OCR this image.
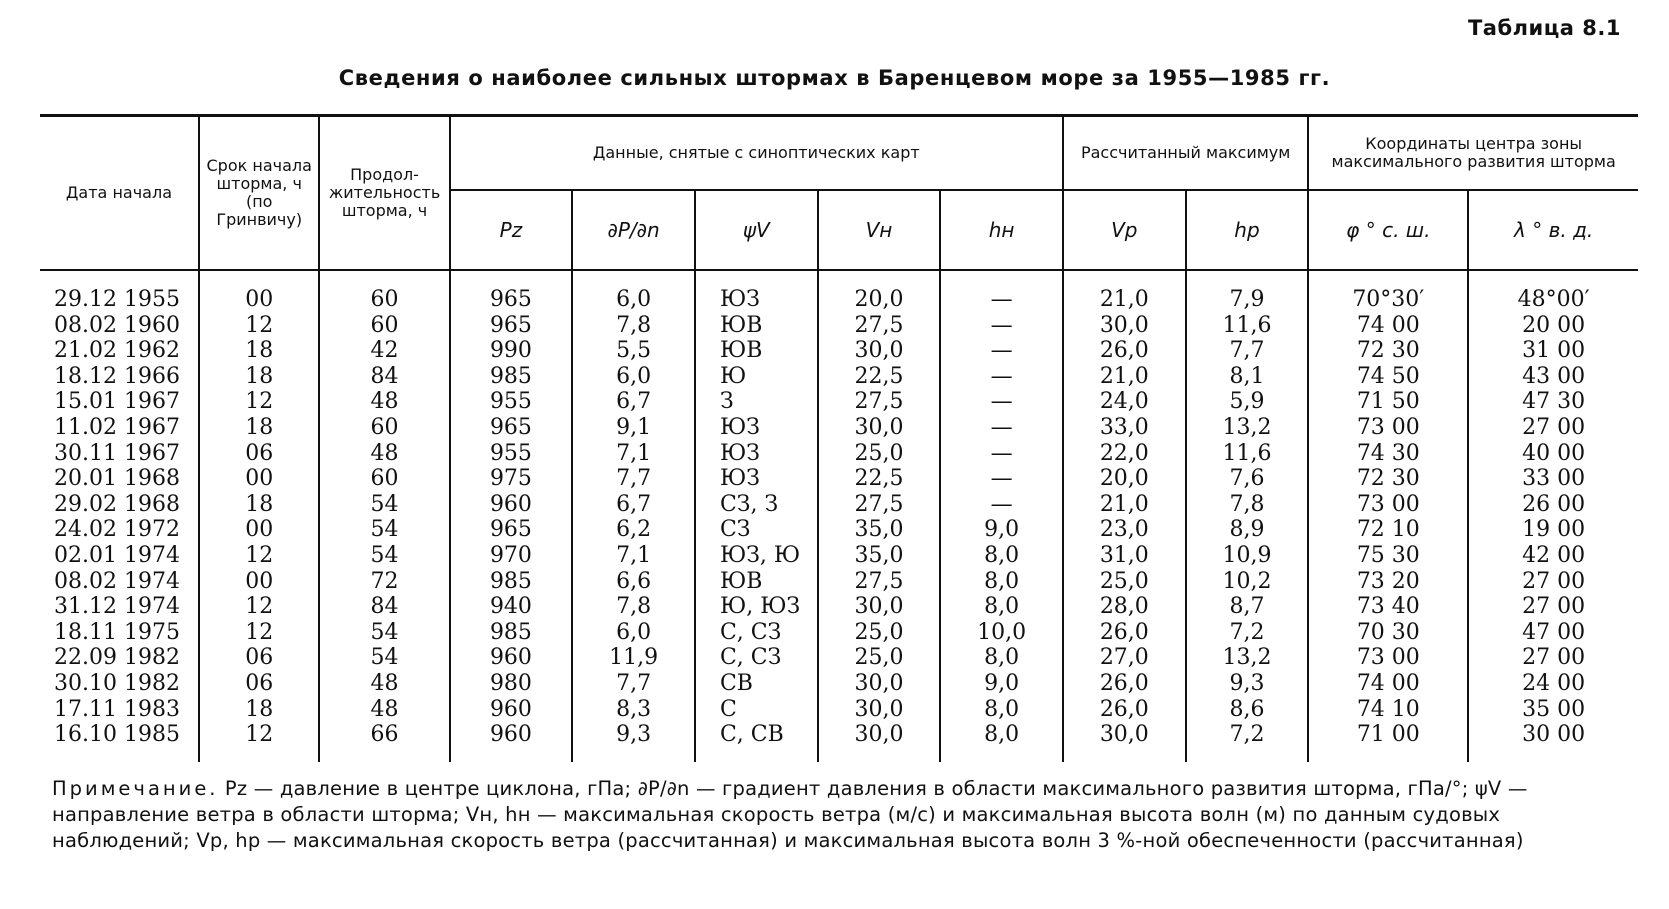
Таблица 8.1
Сведения о наиболее сильных штормах в Баренцевом море за 1955—1985 гг.
Дата начала	Срок начала шторма, ч (по Гринвичу)	Продол-жительность шторма, ч	Данные, снятые с синоптических карт					Рассчитанный максимум		Координаты центра зоны максимального развития шторма	
			Pz	∂P/∂n	ψV	Vн	hн	Vp	hp	φ ° с. ш.	λ ° в. д.

29.12 1955	00	60	965	6,0	ЮЗ	20,0	—	21,0	7,9	70°30′	48°00′
08.02 1960	12	60	965	7,8	ЮВ	27,5	—	30,0	11,6	74 00	20 00
21.02 1962	18	42	990	5,5	ЮВ	30,0	—	26,0	7,7	72 30	31 00
18.12 1966	18	84	985	6,0	Ю	22,5	—	21,0	8,1	74 50	43 00
15.01 1967	12	48	955	6,7	З	27,5	—	24,0	5,9	71 50	47 30
11.02 1967	18	60	965	9,1	ЮЗ	30,0	—	33,0	13,2	73 00	27 00
30.11 1967	06	48	955	7,1	ЮЗ	25,0	—	22,0	11,6	74 30	40 00
20.01 1968	00	60	975	7,7	ЮЗ	22,5	—	20,0	7,6	72 30	33 00
29.02 1968	18	54	960	6,7	СЗ, З	27,5	—	21,0	7,8	73 00	26 00
24.02 1972	00	54	965	6,2	СЗ	35,0	9,0	23,0	8,9	72 10	19 00
02.01 1974	12	54	970	7,1	ЮЗ, Ю	35,0	8,0	31,0	10,9	75 30	42 00
08.02 1974	00	72	985	6,6	ЮВ	27,5	8,0	25,0	10,2	73 20	27 00
31.12 1974	12	84	940	7,8	Ю, ЮЗ	30,0	8,0	28,0	8,7	73 40	27 00
18.11 1975	12	54	985	6,0	С, СЗ	25,0	10,0	26,0	7,2	70 30	47 00
22.09 1982	06	54	960	11,9	С, СЗ	25,0	8,0	27,0	13,2	73 00	27 00
30.10 1982	06	48	980	7,7	СВ	30,0	9,0	26,0	9,3	74 00	24 00
17.11 1983	18	48	960	8,3	С	30,0	8,0	26,0	8,6	74 10	35 00
16.10 1985	12	66	960	9,3	С, СВ	30,0	8,0	30,0	7,2	71 00	30 00
Примечание. Pz — давление в центре циклона, гПа; ∂P/∂n — градиент давления в области максимального развития шторма, гПа/°; ψV — направление ветра в области шторма; Vн, hн — максимальная скорость ветра (м/с) и максимальная высота волн (м) по данным судовых наблюдений; Vp, hp — максимальная скорость ветра (рассчитанная) и максимальная высота волн 3 %-ной обеспеченности (рассчитанная)
